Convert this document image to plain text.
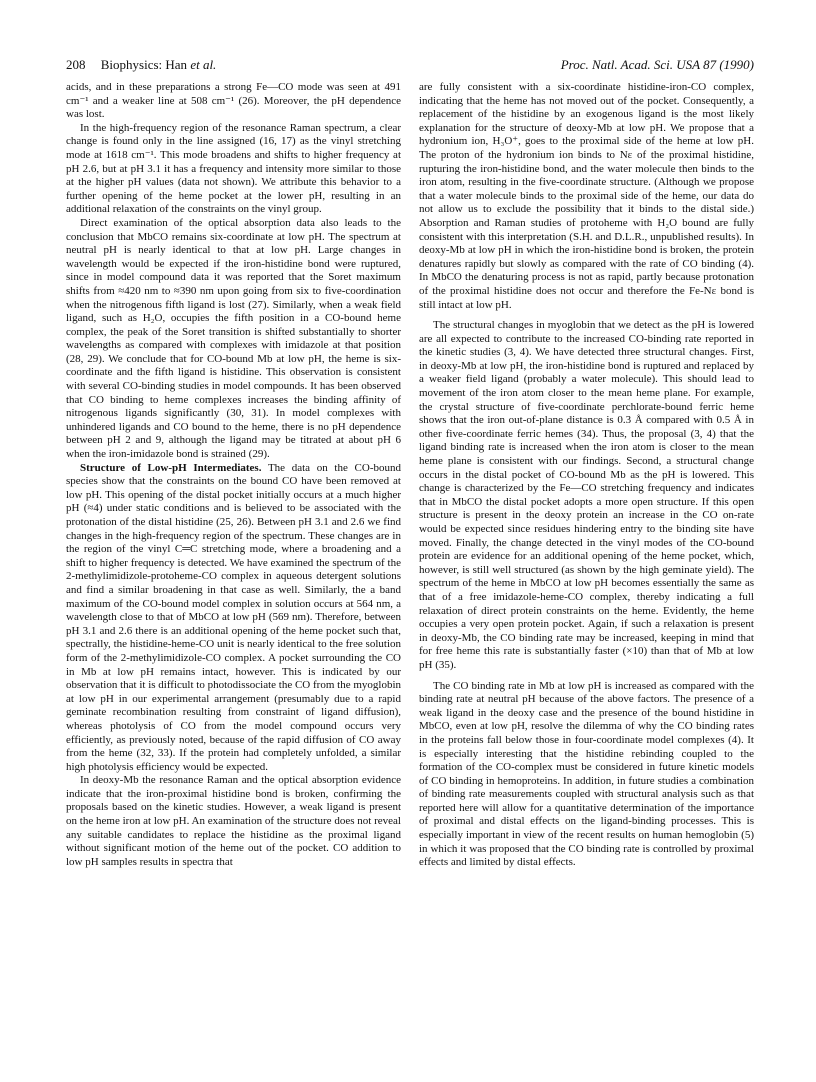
208 Biophysics: Han et al.	Proc. Natl. Acad. Sci. USA 87 (1990)

acids, and in these preparations a strong Fe—CO mode was seen at 491 cm⁻¹ and a weaker line at 508 cm⁻¹ (26). Moreover, the pH dependence was lost.

In the high-frequency region of the resonance Raman spectrum, a clear change is found only in the line assigned (16, 17) as the vinyl stretching mode at 1618 cm⁻¹. This mode broadens and shifts to higher frequency at pH 2.6, but at pH 3.1 it has a frequency and intensity more similar to those at the higher pH values (data not shown). We attribute this behavior to a further opening of the heme pocket at the lower pH, resulting in an additional relaxation of the constraints on the vinyl group.

Direct examination of the optical absorption data also leads to the conclusion that MbCO remains six-coordinate at low pH. The spectrum at neutral pH is nearly identical to that at low pH. Large changes in wavelength would be expected if the iron-histidine bond were ruptured, since in model compound data it was reported that the Soret maximum shifts from ≈420 nm to ≈390 nm upon going from six to five-coordination when the nitrogenous fifth ligand is lost (27). Similarly, when a weak field ligand, such as H₂O, occupies the fifth position in a CO-bound heme complex, the peak of the Soret transition is shifted substantially to shorter wavelengths as compared with complexes with imidazole at that position (28, 29). We conclude that for CO-bound Mb at low pH, the heme is six-coordinate and the fifth ligand is histidine. This observation is consistent with several CO-binding studies in model compounds. It has been observed that CO binding to heme complexes increases the binding affinity of nitrogenous ligands significantly (30, 31). In model complexes with unhindered ligands and CO bound to the heme, there is no pH dependence between pH 2 and 9, although the ligand may be titrated at about pH 6 when the iron-imidazole bond is strained (29).

Structure of Low-pH Intermediates. The data on the CO-bound species show that the constraints on the bound CO have been removed at low pH. This opening of the distal pocket initially occurs at a much higher pH (≈4) under static conditions and is believed to be associated with the protonation of the distal histidine (25, 26). Between pH 3.1 and 2.6 we find changes in the high-frequency region of the spectrum. These changes are in the region of the vinyl C═C stretching mode, where a broadening and a shift to higher frequency is detected. We have examined the spectrum of the 2-methylimidizole-protoheme-CO complex in aqueous detergent solutions and find a similar broadening in that case as well. Similarly, the a band maximum of the CO-bound model complex in solution occurs at 564 nm, a wavelength close to that of MbCO at low pH (569 nm). Therefore, between pH 3.1 and 2.6 there is an additional opening of the heme pocket such that, spectrally, the histidine-heme-CO unit is nearly identical to the free solution form of the 2-methylimidizole-CO complex. A pocket surrounding the CO in Mb at low pH remains intact, however. This is indicated by our observation that it is difficult to photodissociate the CO from the myoglobin at low pH in our experimental arrangement (presumably due to a rapid geminate recombination resulting from constraint of ligand diffusion), whereas photolysis of CO from the model compound occurs very efficiently, as previously noted, because of the rapid diffusion of CO away from the heme (32, 33). If the protein had completely unfolded, a similar high photolysis efficiency would be expected.

In deoxy-Mb the resonance Raman and the optical absorption evidence indicate that the iron-proximal histidine bond is broken, confirming the proposals based on the kinetic studies. However, a weak ligand is present on the heme iron at low pH. An examination of the structure does not reveal any suitable candidates to replace the histidine as the proximal ligand without significant motion of the heme out of the pocket. CO addition to low pH samples results in spectra that

are fully consistent with a six-coordinate histidine-iron-CO complex, indicating that the heme has not moved out of the pocket. Consequently, a replacement of the histidine by an exogenous ligand is the most likely explanation for the structure of deoxy-Mb at low pH. We propose that a hydronium ion, H₃O⁺, goes to the proximal side of the heme at low pH. The proton of the hydronium ion binds to Nε of the proximal histidine, rupturing the iron-histidine bond, and the water molecule then binds to the iron atom, resulting in the five-coordinate structure. (Although we propose that a water molecule binds to the proximal side of the heme, our data do not allow us to exclude the possibility that it binds to the distal side.) Absorption and Raman studies of protoheme with H₂O bound are fully consistent with this interpretation (S.H. and D.L.R., unpublished results). In deoxy-Mb at low pH in which the iron-histidine bond is broken, the protein denatures rapidly but slowly as compared with the rate of CO binding (4). In MbCO the denaturing process is not as rapid, partly because protonation of the proximal histidine does not occur and therefore the Fe-Nε bond is still intact at low pH.

The structural changes in myoglobin that we detect as the pH is lowered are all expected to contribute to the increased CO-binding rate reported in the kinetic studies (3, 4). We have detected three structural changes. First, in deoxy-Mb at low pH, the iron-histidine bond is ruptured and replaced by a weaker field ligand (probably a water molecule). This should lead to movement of the iron atom closer to the mean heme plane. For example, the crystal structure of five-coordinate perchlorate-bound ferric heme shows that the iron out-of-plane distance is 0.3 Å compared with 0.5 Å in other five-coordinate ferric hemes (34). Thus, the proposal (3, 4) that the ligand binding rate is increased when the iron atom is closer to the mean heme plane is consistent with our findings. Second, a structural change occurs in the distal pocket of CO-bound Mb as the pH is lowered. This change is characterized by the Fe—CO stretching frequency and indicates that in MbCO the distal pocket adopts a more open structure. If this open structure is present in the deoxy protein an increase in the CO on-rate would be expected since residues hindering entry to the binding site have moved. Finally, the change detected in the vinyl modes of the CO-bound protein are evidence for an additional opening of the heme pocket, which, however, is still well structured (as shown by the high geminate yield). The spectrum of the heme in MbCO at low pH becomes essentially the same as that of a free imidazole-heme-CO complex, thereby indicating a full relaxation of direct protein constraints on the heme. Evidently, the heme occupies a very open protein pocket. Again, if such a relaxation is present in deoxy-Mb, the CO binding rate may be increased, keeping in mind that for free heme this rate is substantially faster (×10) than that of Mb at low pH (35).

The CO binding rate in Mb at low pH is increased as compared with the binding rate at neutral pH because of the above factors. The presence of a weak ligand in the deoxy case and the presence of the bound histidine in MbCO, even at low pH, resolve the dilemma of why the CO binding rates in the proteins fall below those in four-coordinate model complexes (4). It is especially interesting that the histidine rebinding coupled to the formation of the CO-complex must be considered in future kinetic models of CO binding in hemoproteins. In addition, in future studies a combination of binding rate measurements coupled with structural analysis such as that reported here will allow for a quantitative determination of the importance of proximal and distal effects on the ligand-binding processes. This is especially important in view of the recent results on human hemoglobin (5) in which it was proposed that the CO binding rate is controlled by proximal effects and limited by distal effects.
